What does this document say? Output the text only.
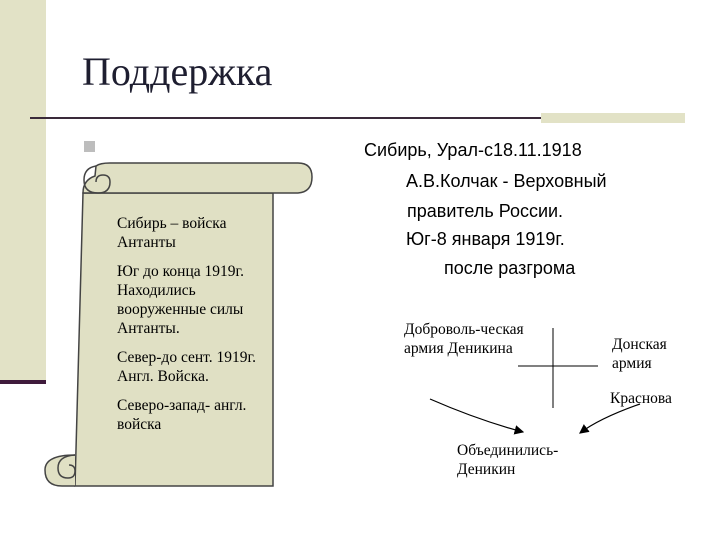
Поддержка

Сибирь – войска Антанты

Юг до конца 1919г. Находились вооруженные силы Антанты.

Север-до сент. 1919г. Англ. Войска.

Северо-запад- англ. войска

Сибирь, Урал-с18.11.1918
А.В.Колчак - Верховный
правитель России.
Юг-8 января 1919г.
после разгрома
Доброволь-ческая армия Деникина	Донская армия
Краснова
Объединились-Деникин
